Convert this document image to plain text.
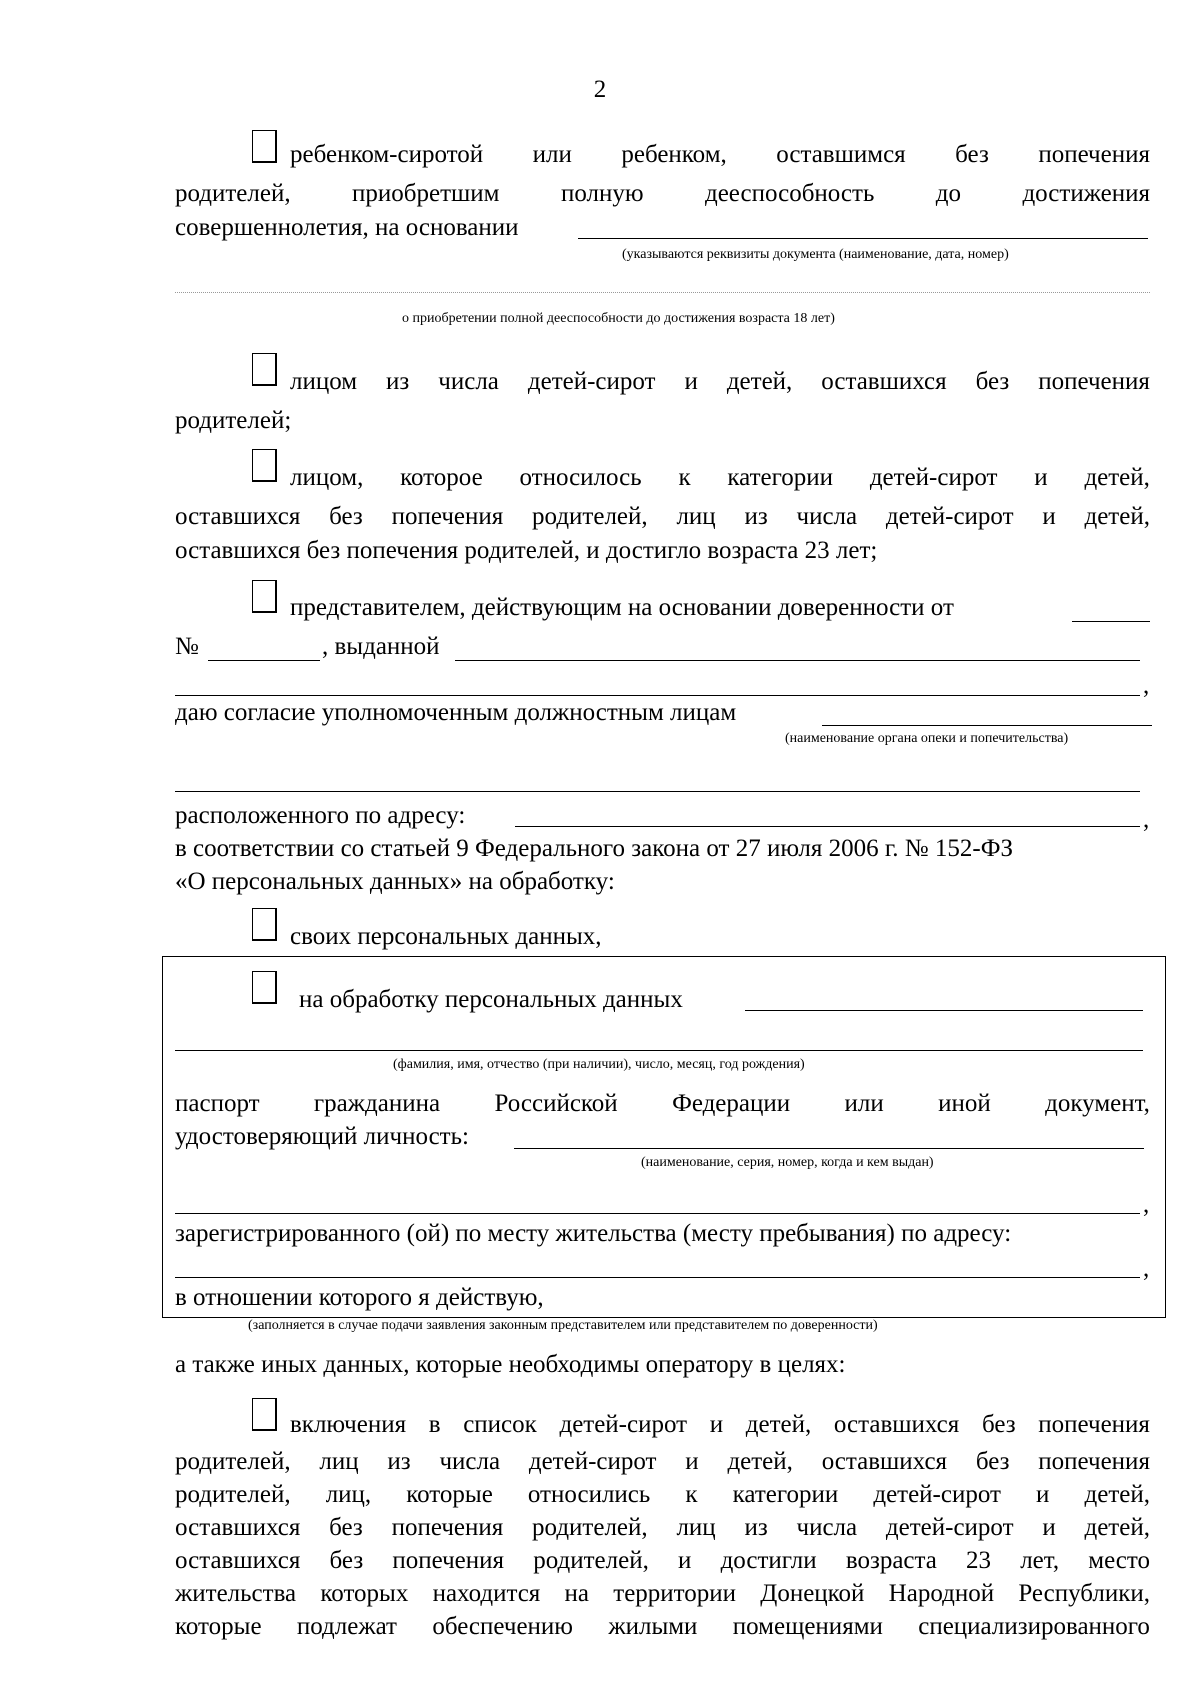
2
ребенком-сиротой или ребенком, оставшимся без попечения
родителей, приобретшим полную дееспособность до достижения
совершеннолетия, на основании
(указываются реквизиты документа (наименование, дата, номер)
о приобретении полной дееспособности до достижения возраста 18 лет)
лицом из числа детей-сирот и детей, оставшихся без попечения
родителей;
лицом, которое относилось к категории детей-сирот и детей,
оставшихся без попечения родителей, лиц из числа детей-сирот и детей,
оставшихся без попечения родителей, и достигло возраста 23 лет;
представителем, действующим на основании доверенности от
№	, выданной
,
даю согласие уполномоченным должностным лицам
(наименование органа опеки и попечительства)
расположенного по адресу:	,
в соответствии со статьей 9 Федерального закона от 27 июля 2006 г. № 152-ФЗ
«О персональных данных» на обработку:
своих персональных данных,
на обработку персональных данных
(фамилия, имя, отчество (при наличии), число, месяц, год рождения)
паспорт гражданина Российской Федерации или иной документ,
удостоверяющий личность:
(наименование, серия, номер, когда и кем выдан)
,
зарегистрированного (ой) по месту жительства (месту пребывания) по адресу:
,
в отношении которого я действую,
(заполняется в случае подачи заявления законным представителем или представителем по доверенности)
а также иных данных, которые необходимы оператору в целях:
включения в список детей-сирот и детей, оставшихся без попечения
родителей, лиц из числа детей-сирот и детей, оставшихся без попечения
родителей, лиц, которые относились к категории детей-сирот и детей,
оставшихся без попечения родителей, лиц из числа детей-сирот и детей,
оставшихся без попечения родителей, и достигли возраста 23 лет, место
жительства которых находится на территории Донецкой Народной Республики,
которые подлежат обеспечению жилыми помещениями специализированного
